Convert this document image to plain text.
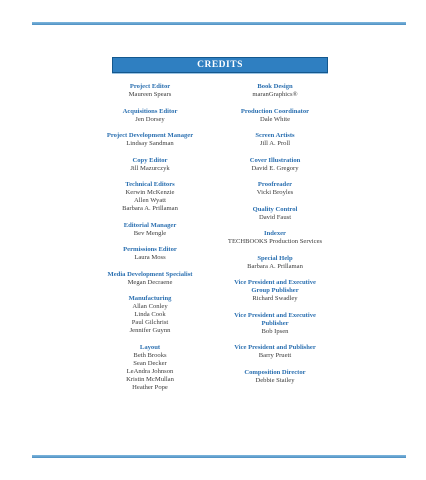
CREDITS
Project Editor
Maureen Spears
Acquisitions Editor
Jen Dorsey
Project Development Manager
Lindsay Sandman
Copy Editor
Jill Mazurczyk
Technical Editors
Kerwin McKenzie
Allen Wyatt
Barbara A. Prillaman
Editorial Manager
Bev Mengle
Permissions Editor
Laura Moss
Media Development Specialist
Megan Decraene
Manufacturing
Allan Conley
Linda Cook
Paul Gilchrist
Jennifer Guynn
Layout
Beth Brooks
Sean Decker
LeAndra Johnson
Kristin McMullan
Heather Pope
Book Design
maranGraphics®
Production Coordinator
Dale White
Screen Artists
Jill A. Proll
Cover Illustration
David E. Gregory
Proofreader
Vicki Broyles
Quality Control
David Faust
Indexer
TECHBOOKS Production Services
Special Help
Barbara A. Prillaman
Vice President and Executive Group Publisher
Richard Swadley
Vice President and Executive Publisher
Bob Ipsen
Vice President and Publisher
Barry Pruett
Composition Director
Debbie Stailey
